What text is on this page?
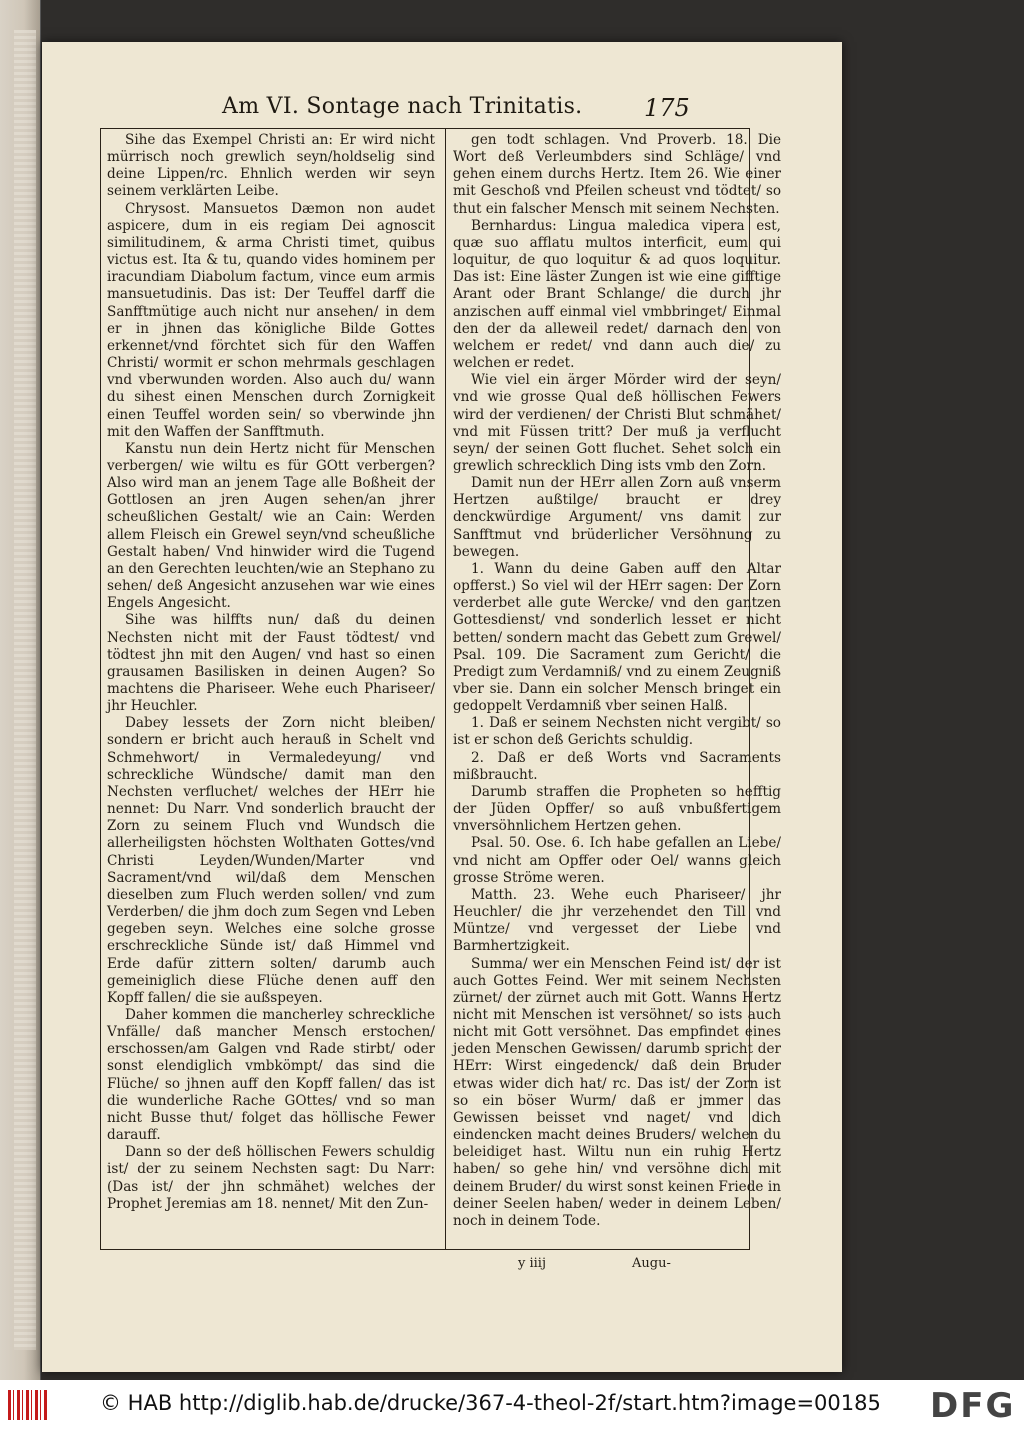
Am VI. Sontage nach Trinitatis.	175

Sihe das Exempel Christi an: Er wird nicht mürrisch noch grewlich seyn/holdselig sind deine Lippen/rc. Ehnlich werden wir seyn seinem verklärten Leibe.

Chrysost. Mansuetos Dæmon non audet aspicere, dum in eis regiam Dei agnoscit similitudinem, & arma Christi timet, quibus victus est. Ita & tu, quando vides hominem per iracundiam Diabolum factum, vince eum armis mansuetudinis. Das ist: Der Teuffel darff die Sanfftmütige auch nicht nur ansehen/ in dem er in jhnen das königliche Bilde Gottes erkennet/vnd förchtet sich für den Waffen Christi/ wormit er schon mehrmals geschlagen vnd vberwunden worden. Also auch du/ wann du sihest einen Menschen durch Zornigkeit einen Teuffel worden sein/ so vberwinde jhn mit den Waffen der Sanfftmuth.

Kanstu nun dein Hertz nicht für Menschen verbergen/ wie wiltu es für GOtt verbergen? Also wird man an jenem Tage alle Boßheit der Gottlosen an jren Augen sehen/an jhrer scheußlichen Gestalt/ wie an Cain: Werden allem Fleisch ein Grewel seyn/vnd scheußliche Gestalt haben/ Vnd hinwider wird die Tugend an den Gerechten leuchten/wie an Stephano zu sehen/ deß Angesicht anzusehen war wie eines Engels Angesicht.

Sihe was hilffts nun/ daß du deinen Nechsten nicht mit der Faust tödtest/ vnd tödtest jhn mit den Augen/ vnd hast so einen grausamen Basilisken in deinen Augen? So machtens die Phariseer. Wehe euch Phariseer/ jhr Heuchler.

Dabey lessets der Zorn nicht bleiben/ sondern er bricht auch herauß in Schelt vnd Schmehwort/ in Vermaledeyung/ vnd schreckliche Wündsche/ damit man den Nechsten verfluchet/ welches der HErr hie nennet: Du Narr. Vnd sonderlich braucht der Zorn zu seinem Fluch vnd Wundsch die allerheiligsten höchsten Wolthaten Gottes/vnd Christi Leyden/Wunden/Marter vnd Sacrament/vnd wil/daß dem Menschen dieselben zum Fluch werden sollen/ vnd zum Verderben/ die jhm doch zum Segen vnd Leben gegeben seyn. Welches eine solche grosse erschreckliche Sünde ist/ daß Himmel vnd Erde dafür zittern solten/ darumb auch gemeiniglich diese Flüche denen auff den Kopff fallen/ die sie außspeyen.

Daher kommen die mancherley schreckliche Vnfälle/ daß mancher Mensch erstochen/ erschossen/am Galgen vnd Rade stirbt/ oder sonst elendiglich vmbkömpt/ das sind die Flüche/ so jhnen auff den Kopff fallen/ das ist die wunderliche Rache GOttes/ vnd so man nicht Busse thut/ folget das höllische Fewer darauff.

Dann so der deß höllischen Fewers schuldig ist/ der zu seinem Nechsten sagt: Du Narr: (Das ist/ der jhn schmähet) welches der Prophet Jeremias am 18. nennet/ Mit den Zun-

gen todt schlagen. Vnd Proverb. 18. Die Wort deß Verleumbders sind Schläge/ vnd gehen einem durchs Hertz. Item 26. Wie einer mit Geschoß vnd Pfeilen scheust vnd tödtet/ so thut ein falscher Mensch mit seinem Nechsten.

Bernhardus: Lingua maledica vipera est, quæ suo afflatu multos interficit, eum qui loquitur, de quo loquitur & ad quos loquitur. Das ist: Eine läster Zungen ist wie eine gifftige Arant oder Brant Schlange/ die durch jhr anzischen auff einmal viel vmbbringet/ Einmal den der da alleweil redet/ darnach den von welchem er redet/ vnd dann auch die/ zu welchen er redet.

Wie viel ein ärger Mörder wird der seyn/ vnd wie grosse Qual deß höllischen Fewers wird der verdienen/ der Christi Blut schmähet/ vnd mit Füssen tritt? Der muß ja verflucht seyn/ der seinen Gott fluchet. Sehet solch ein grewlich schrecklich Ding ists vmb den Zorn.

Damit nun der HErr allen Zorn auß vnserm Hertzen außtilge/ braucht er drey denckwürdige Argument/ vns damit zur Sanfftmut vnd brüderlicher Versöhnung zu bewegen.

1. Wann du deine Gaben auff den Altar opfferst.) So viel wil der HErr sagen: Der Zorn verderbet alle gute Wercke/ vnd den gantzen Gottesdienst/ vnd sonderlich lesset er nicht betten/ sondern macht das Gebett zum Grewel/ Psal. 109. Die Sacrament zum Gericht/ die Predigt zum Verdamniß/ vnd zu einem Zeugniß vber sie. Dann ein solcher Mensch bringet ein gedoppelt Verdamniß vber seinen Halß.

1. Daß er seinem Nechsten nicht vergibt/ so ist er schon deß Gerichts schuldig.

2. Daß er deß Worts vnd Sacraments mißbraucht.

Darumb straffen die Propheten so hefftig der Jüden Opffer/ so auß vnbußfertigem vnversöhnlichem Hertzen gehen.

Psal. 50. Ose. 6. Ich habe gefallen an Liebe/ vnd nicht am Opffer oder Oel/ wanns gleich grosse Ströme weren.

Matth. 23. Wehe euch Phariseer/ jhr Heuchler/ die jhr verzehendet den Till vnd Müntze/ vnd vergesset der Liebe vnd Barmhertzigkeit.

Summa/ wer ein Menschen Feind ist/ der ist auch Gottes Feind. Wer mit seinem Nechsten zürnet/ der zürnet auch mit Gott. Wanns Hertz nicht mit Menschen ist versöhnet/ so ists auch nicht mit Gott versöhnet. Das empfindet eines jeden Menschen Gewissen/ darumb spricht der HErr: Wirst eingedenck/ daß dein Bruder etwas wider dich hat/ rc. Das ist/ der Zorn ist so ein böser Wurm/ daß er jmmer das Gewissen beisset vnd naget/ vnd dich eindencken macht deines Bruders/ welchen du beleidiget hast. Wiltu nun ein ruhig Hertz haben/ so gehe hin/ vnd versöhne dich mit deinem Bruder/ du wirst sonst keinen Friede in deiner Seelen haben/ weder in deinem Leben/ noch in deinem Tode.

y iiij	Augu-
© HAB http://diglib.hab.de/drucke/367-4-theol-2f/start.htm?image=00185 DFG
